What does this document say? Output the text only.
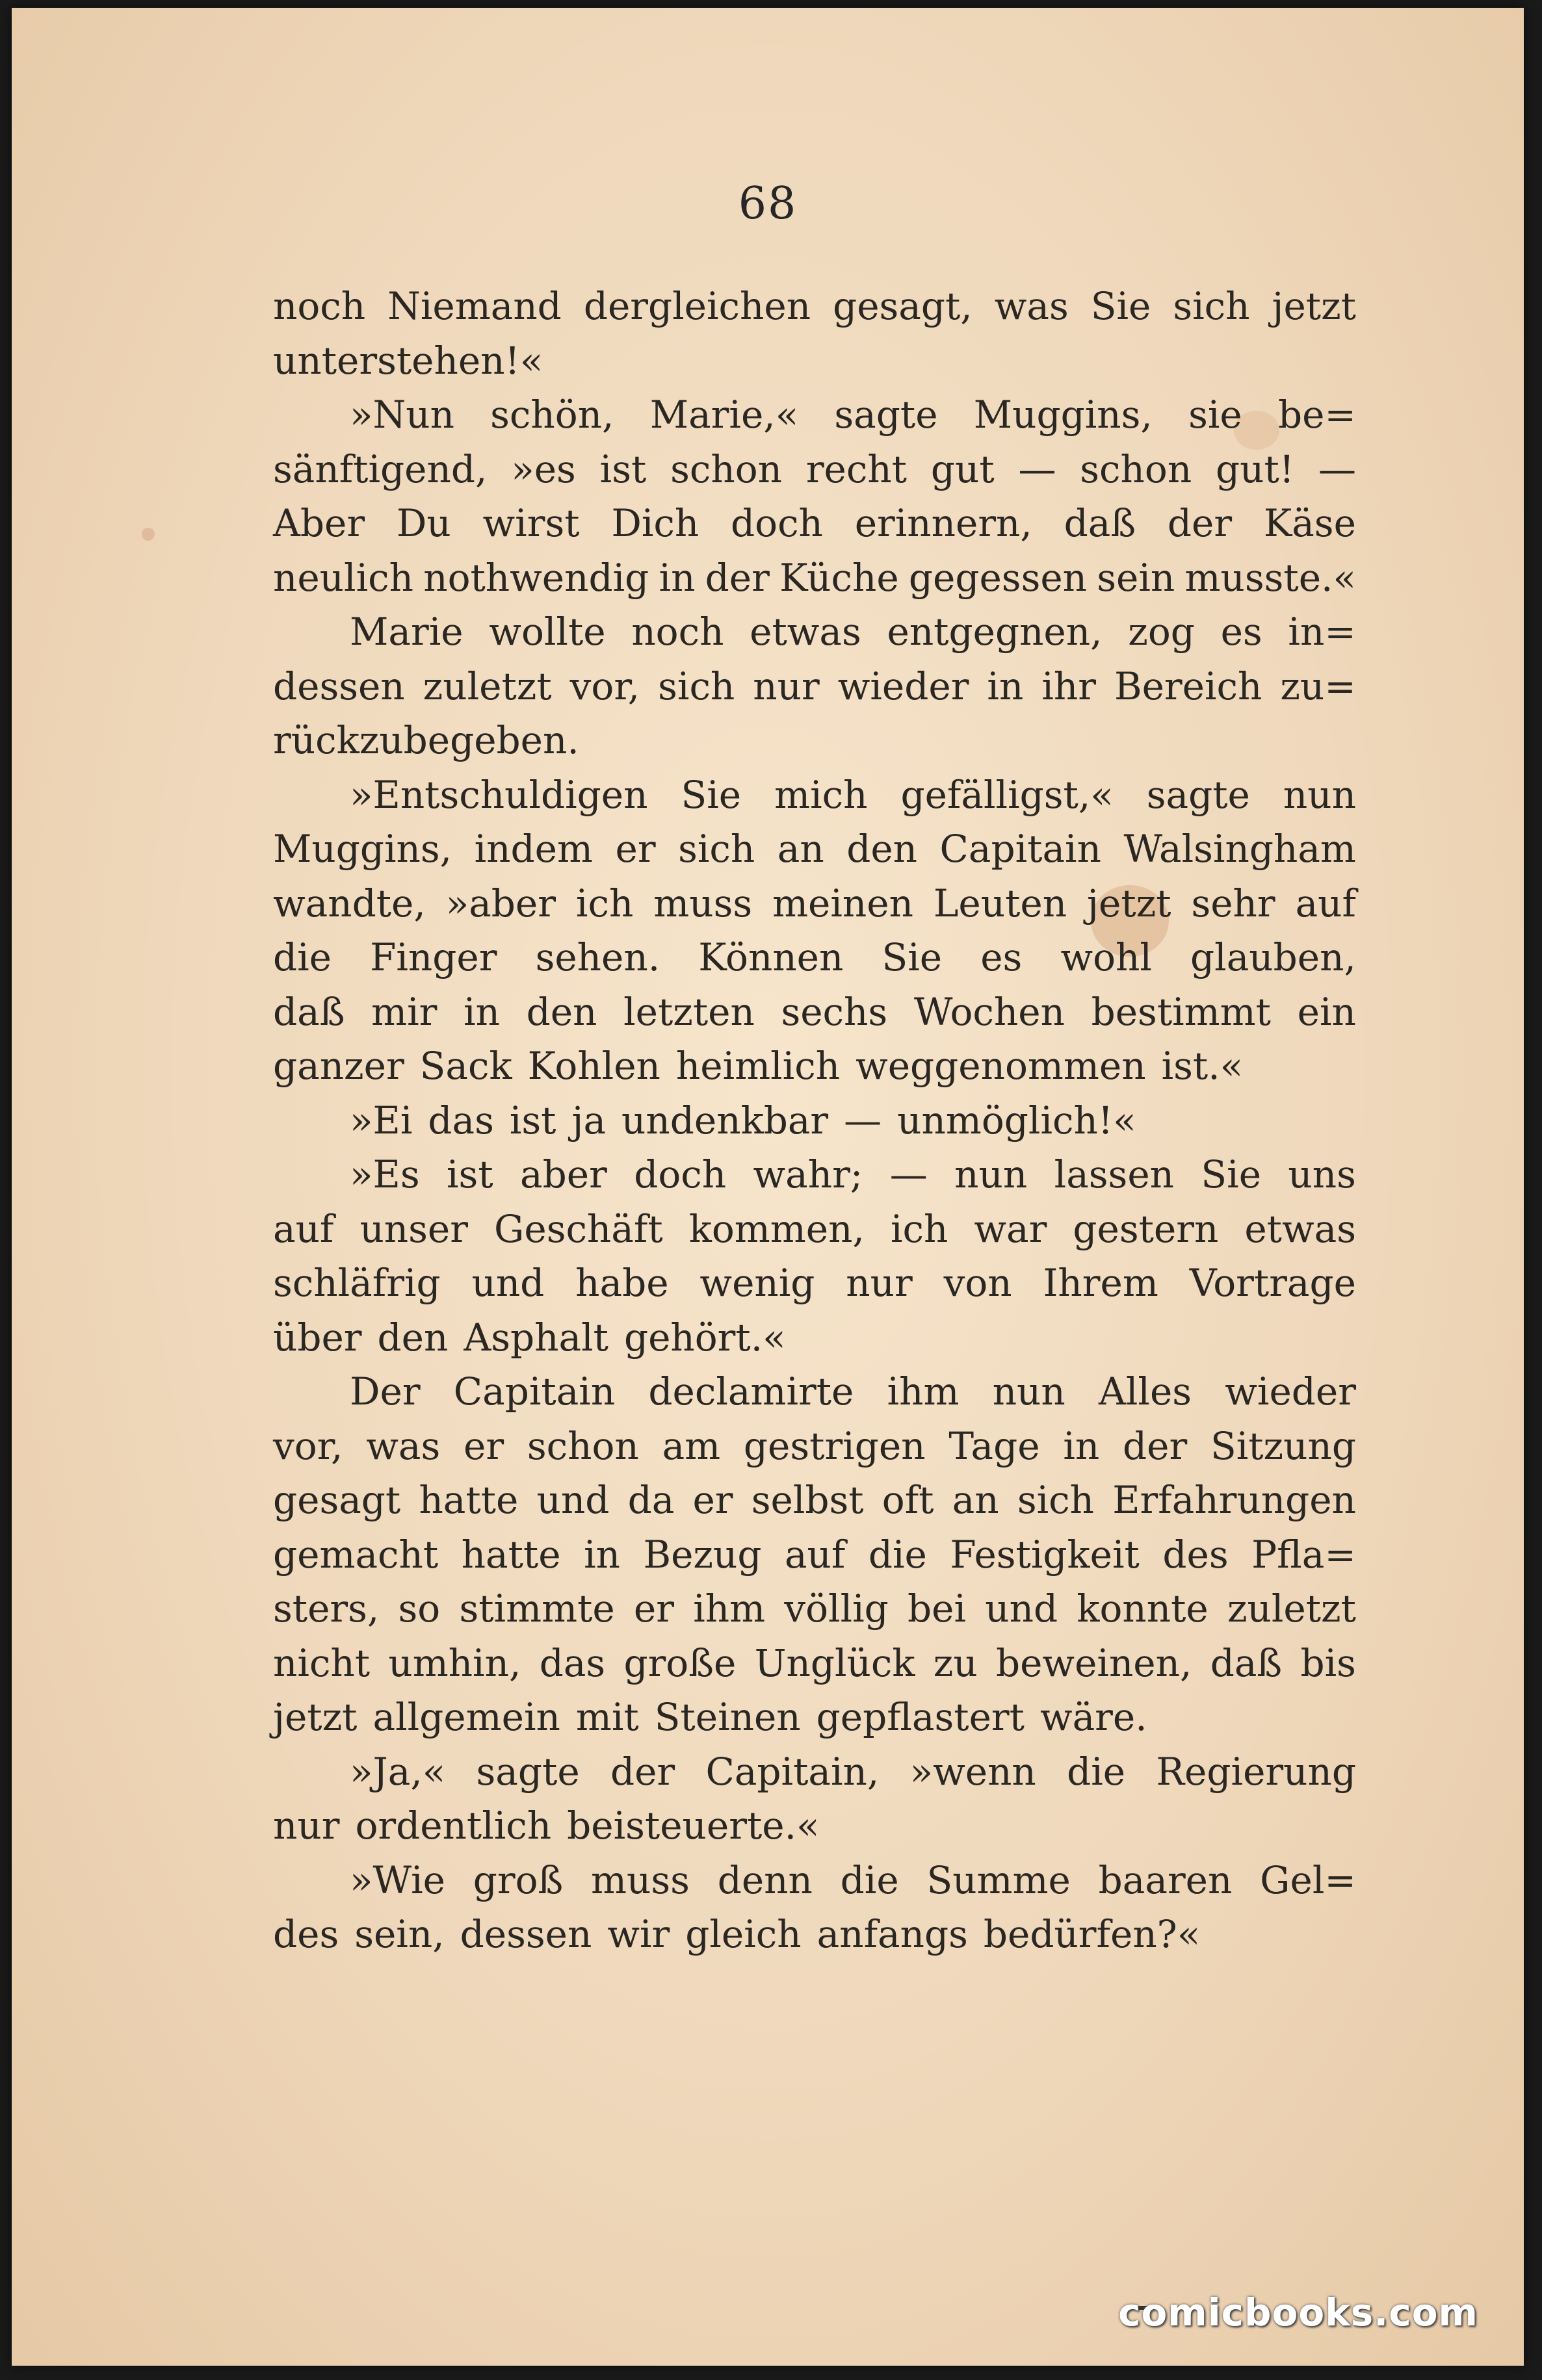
68
noch Niemand dergleichen gesagt, was Sie sich jetzt
unterstehen!«
»Nun schön, Marie,« sagte Muggins, sie be=
sänftigend, »es ist schon recht gut — schon gut! —
Aber Du wirst Dich doch erinnern, daß der Käse
neulich nothwendig in der Küche gegessen sein musste.«
Marie wollte noch etwas entgegnen, zog es in=
dessen zuletzt vor, sich nur wieder in ihr Bereich zu=
rückzubegeben.
»Entschuldigen Sie mich gefälligst,« sagte nun
Muggins, indem er sich an den Capitain Walsingham
wandte, »aber ich muss meinen Leuten jetzt sehr auf
die Finger sehen. Können Sie es wohl glauben,
daß mir in den letzten sechs Wochen bestimmt ein
ganzer Sack Kohlen heimlich weggenommen ist.«
»Ei das ist ja undenkbar — unmöglich!«
»Es ist aber doch wahr; — nun lassen Sie uns
auf unser Geschäft kommen, ich war gestern etwas
schläfrig und habe wenig nur von Ihrem Vortrage
über den Asphalt gehört.«
Der Capitain declamirte ihm nun Alles wieder
vor, was er schon am gestrigen Tage in der Sitzung
gesagt hatte und da er selbst oft an sich Erfahrungen
gemacht hatte in Bezug auf die Festigkeit des Pfla=
sters, so stimmte er ihm völlig bei und konnte zuletzt
nicht umhin, das große Unglück zu beweinen, daß bis
jetzt allgemein mit Steinen gepflastert wäre.
»Ja,« sagte der Capitain, »wenn die Regierung
nur ordentlich beisteuerte.«
»Wie groß muss denn die Summe baaren Gel=
des sein, dessen wir gleich anfangs bedürfen?«
comicbooks.com
